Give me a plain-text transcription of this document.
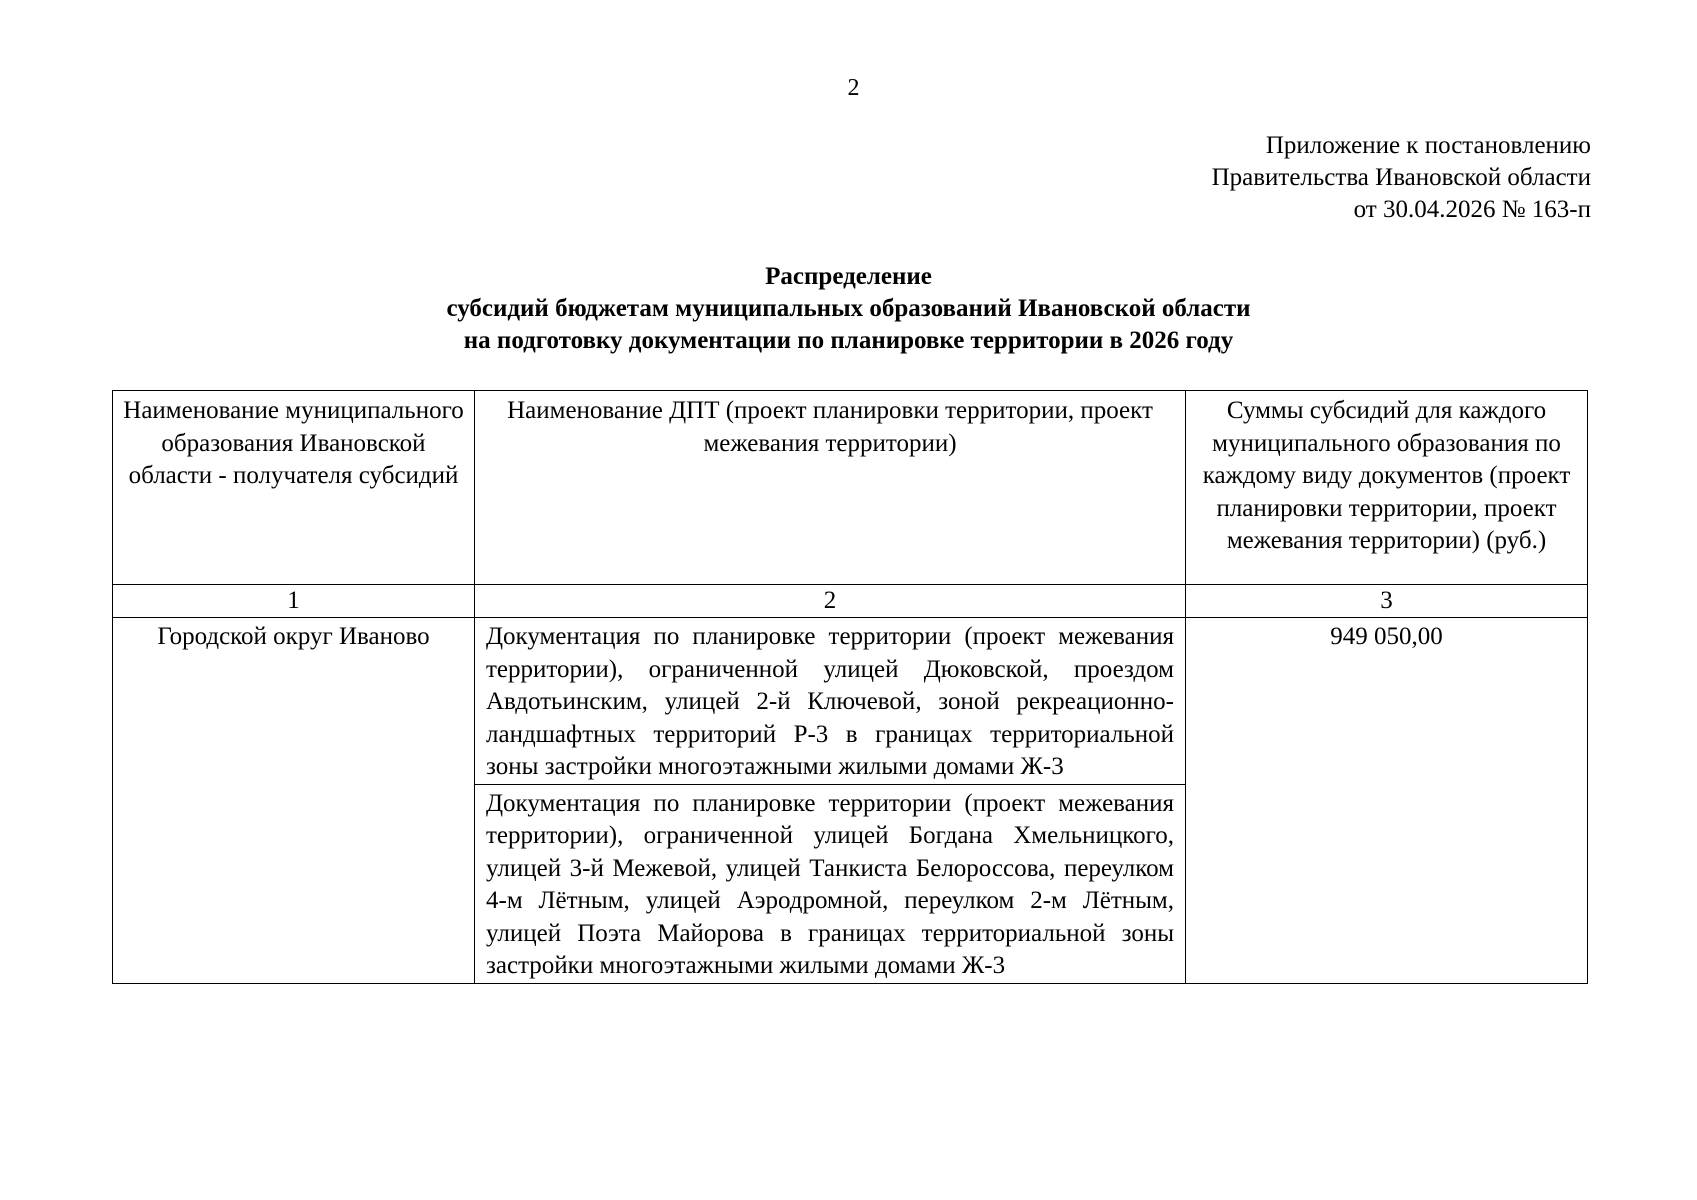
2
Приложение к постановлению
Правительства Ивановской области
от 30.04.2026 № 163-п
Распределение
субсидий бюджетам муниципальных образований Ивановской области
на подготовку документации по планировке территории в 2026 году
Наименование муниципального образования Ивановской области - получателя субсидий	Наименование ДПТ (проект планировки территории, проект межевания территории)	Суммы субсидий для каждого муниципального образования по каждому виду документов (проект планировки территории, проект межевания территории) (руб.)
1	2	3
Городской округ Иваново	Документация по планировке территории (проект межевания территории), ограниченной улицей Дюковской, проездом Авдотьинским, улицей 2-й Ключевой, зоной рекреационно-ландшафтных территорий Р-3 в границах территориальной зоны застройки многоэтажными жилыми домами Ж-3	949 050,00
	Документация по планировке территории (проект межевания территории), ограниченной улицей Богдана Хмельницкого, улицей 3-й Межевой, улицей Танкиста Белороссова, переулком 4-м Лётным, улицей Аэродромной, переулком 2-м Лётным, улицей Поэта Майорова в границах территориальной зоны застройки многоэтажными жилыми домами Ж-3	
